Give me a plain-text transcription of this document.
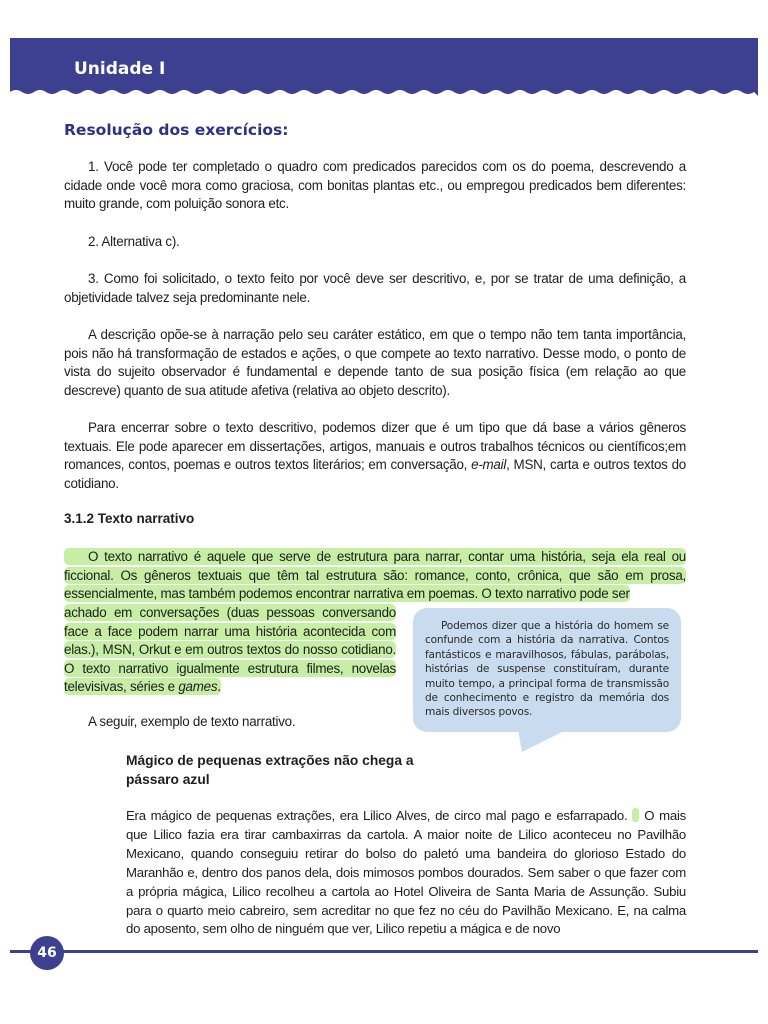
Unidade I
Resolução dos exercícios:

1. Você pode ter completado o quadro com predicados parecidos com os do poema, descrevendo a cidade onde você mora como graciosa, com bonitas plantas etc., ou empregou predicados bem diferentes: muito grande, com poluição sonora etc.

2. Alternativa c).

3. Como foi solicitado, o texto feito por você deve ser descritivo, e, por se tratar de uma definição, a objetividade talvez seja predominante nele.

A descrição opõe-se à narração pelo seu caráter estático, em que o tempo não tem tanta importância, pois não há transformação de estados e ações, o que compete ao texto narrativo. Desse modo, o ponto de vista do sujeito observador é fundamental e depende tanto de sua posição física (em relação ao que descreve) quanto de sua atitude afetiva (relativa ao objeto descrito).

Para encerrar sobre o texto descritivo, podemos dizer que é um tipo que dá base a vários gêneros textuais. Ele pode aparecer em dissertações, artigos, manuais e outros trabalhos técnicos ou científicos;em romances, contos, poemas e outros textos literários; em conversação, e-mail, MSN, carta e outros textos do cotidiano.

3.1.2 Texto narrativo

O texto narrativo é aquele que serve de estrutura para narrar, contar uma história, seja ela real ou ficcional. Os gêneros textuais que têm tal estrutura são: romance, conto, crônica, que são em prosa, essencialmente, mas também podemos encontrar narrativa em poemas. O texto narrativo pode ser

achado em conversações (duas pessoas conversando face a face podem narrar uma história acontecida com elas.), MSN, Orkut e em outros textos do nosso cotidiano. O texto narrativo igualmente estrutura filmes, novelas televisivas, séries e games.

Podemos dizer que a história do homem se confunde com a história da narrativa. Contos fantásticos e maravilhosos, fábulas, parábolas, histórias de suspense constituíram, durante muito tempo, a principal forma de transmissão de conhecimento e registro da memória dos mais diversos povos.

A seguir, exemplo de texto narrativo.

Mágico de pequenas extrações não chega a pássaro azul

Era mágico de pequenas extrações, era Lilico Alves, de circo mal pago e esfarrapado. O mais que Lilico fazia era tirar cambaxirras da cartola. A maior noite de Lilico aconteceu no Pavilhão Mexicano, quando conseguiu retirar do bolso do paletó uma bandeira do glorioso Estado do Maranhão e, dentro dos panos dela, dois mimosos pombos dourados. Sem saber o que fazer com a própria mágica, Lilico recolheu a cartola ao Hotel Oliveira de Santa Maria de Assunção. Subiu para o quarto meio cabreiro, sem acreditar no que fez no céu do Pavilhão Mexicano. E, na calma do aposento, sem olho de ninguém que ver, Lilico repetiu a mágica e de novo

46
